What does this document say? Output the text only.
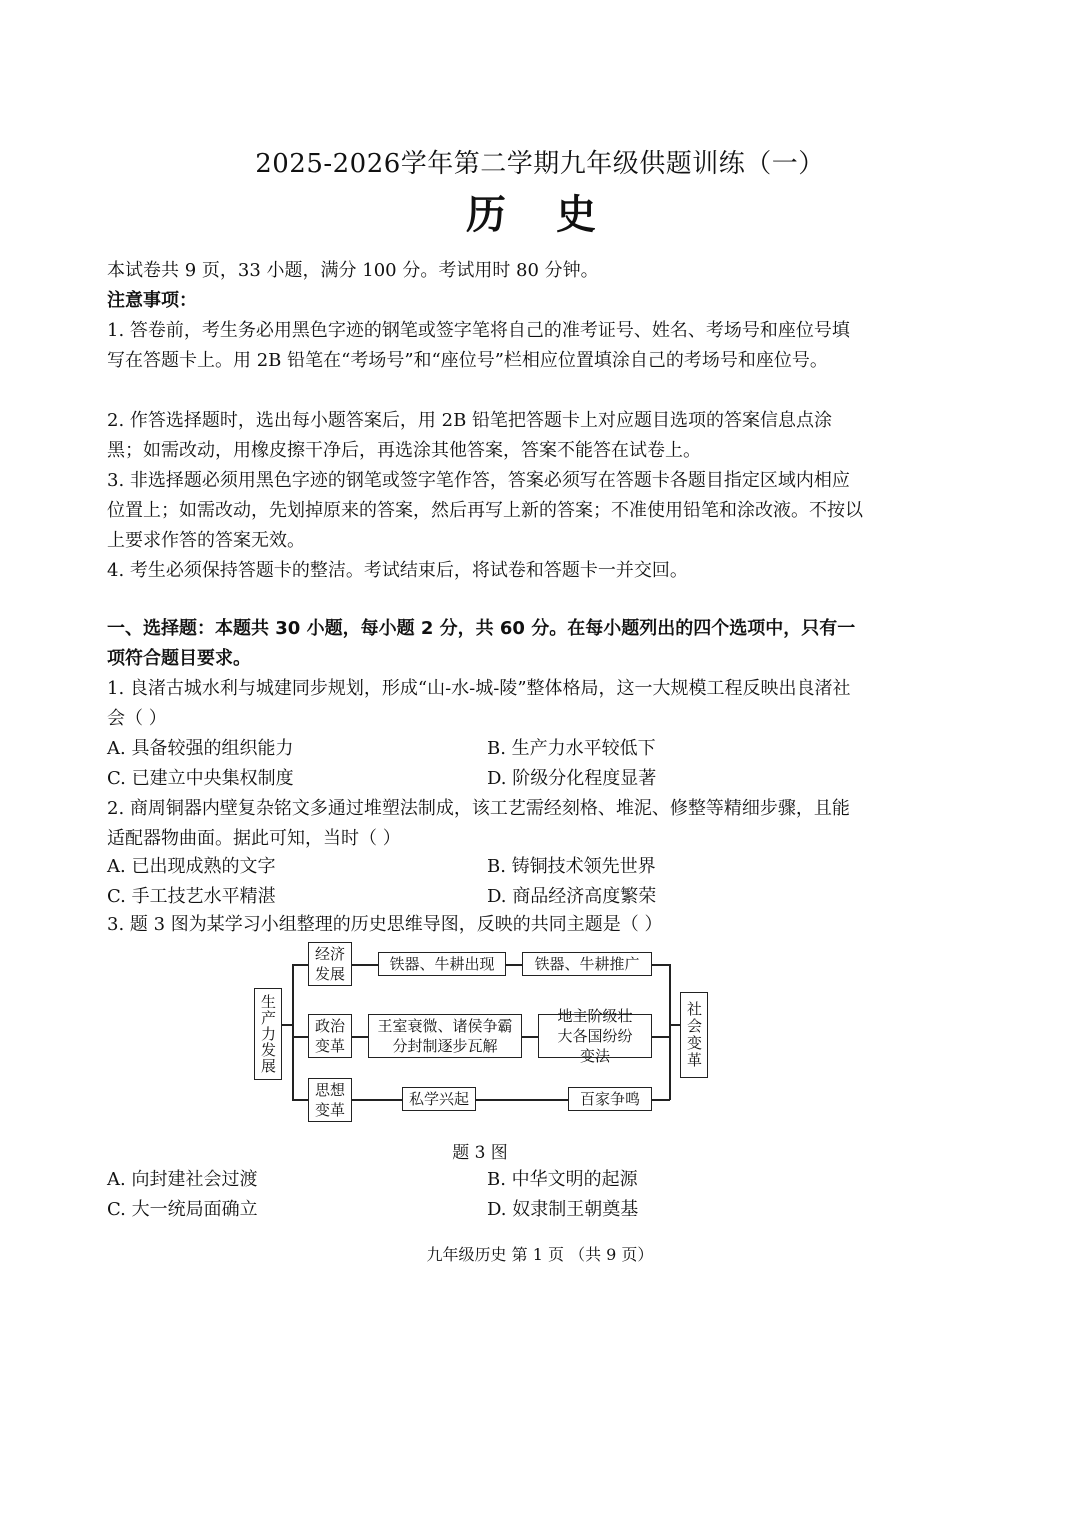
2025-2026学年第二学期九年级供题训练（一）
历 史

本试卷共 9 页，33 小题，满分 100 分。考试用时 80 分钟。

注意事项：

1. 答卷前，考生务必用黑色字迹的钢笔或签字笔将自己的准考证号、姓名、考场号和座位号填写在答题卡上。用 2B 铅笔在“考场号”和“座位号”栏相应位置填涂自己的考场号和座位号。

2. 作答选择题时，选出每小题答案后，用 2B 铅笔把答题卡上对应题目选项的答案信息点涂黑；如需改动，用橡皮擦干净后，再选涂其他答案，答案不能答在试卷上。

3. 非选择题必须用黑色字迹的钢笔或签字笔作答，答案必须写在答题卡各题目指定区域内相应位置上；如需改动，先划掉原来的答案，然后再写上新的答案；不准使用铅笔和涂改液。不按以上要求作答的答案无效。

4. 考生必须保持答题卡的整洁。考试结束后，将试卷和答题卡一并交回。

一、选择题：本题共 30 小题，每小题 2 分，共 60 分。在每小题列出的四个选项中，只有一项符合题目要求。

1. 良渚古城水利与城建同步规划，形成“山-水-城-陵”整体格局，这一大规模工程反映出良渚社会（ ）

A. 具备较强的组织能力	B. 生产力水平较低下
C. 已建立中央集权制度	D. 阶级分化程度显著

2. 商周铜器内壁复杂铭文多通过堆塑法制成，该工艺需经刻格、堆泥、修整等精细步骤，且能适配器物曲面。据此可知，当时（ ）

A. 已出现成熟的文字	B. 铸铜技术领先世界
C. 手工技艺水平精湛	D. 商品经济高度繁荣

3. 题 3 图为某学习小组整理的历史思维导图，反映的共同主题是（ ）

生产力发展	社会变革
经济发展
铁器、牛耕出现	铁器、牛耕推广
政治变革
王室衰微、诸侯争霸分封制逐步瓦解
地主阶级壮大各国纷纷变法
思想变革
私学兴起	百家争鸣
题 3 图
A. 向封建社会过渡	B. 中华文明的起源
C. 大一统局面确立	D. 奴隶制王朝奠基
九年级历史 第 1 页 （共 9 页）
